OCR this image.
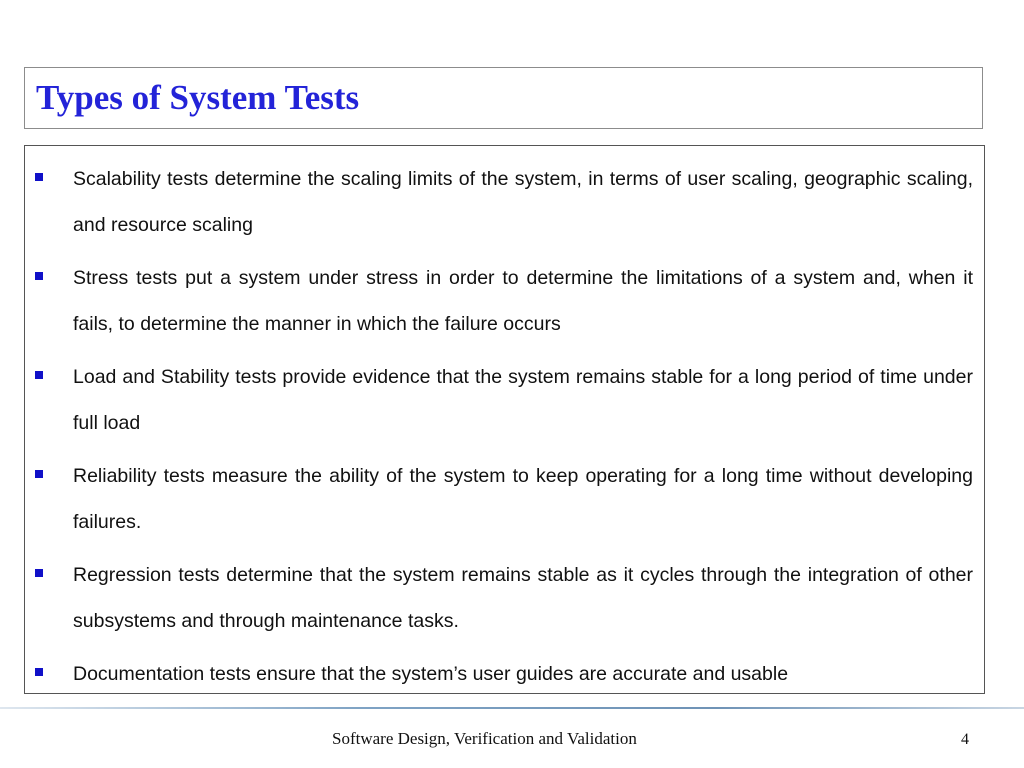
Types of System Tests
Scalability tests determine the scaling limits of the system, in terms of user scaling, geographic scaling, and resource scaling
Stress tests put a system under stress in order to determine the limitations of a system and, when it fails, to determine the manner in which the failure occurs
Load and Stability tests provide evidence that the system remains stable for a long period of time under full load
Reliability tests measure the ability of the system to keep operating for a long time without developing failures.
Regression tests determine that the system remains stable as it cycles through the integration of other subsystems and through maintenance tasks.
Documentation tests ensure that the system’s user guides are accurate and usable
Software Design, Verification and Validation	4
